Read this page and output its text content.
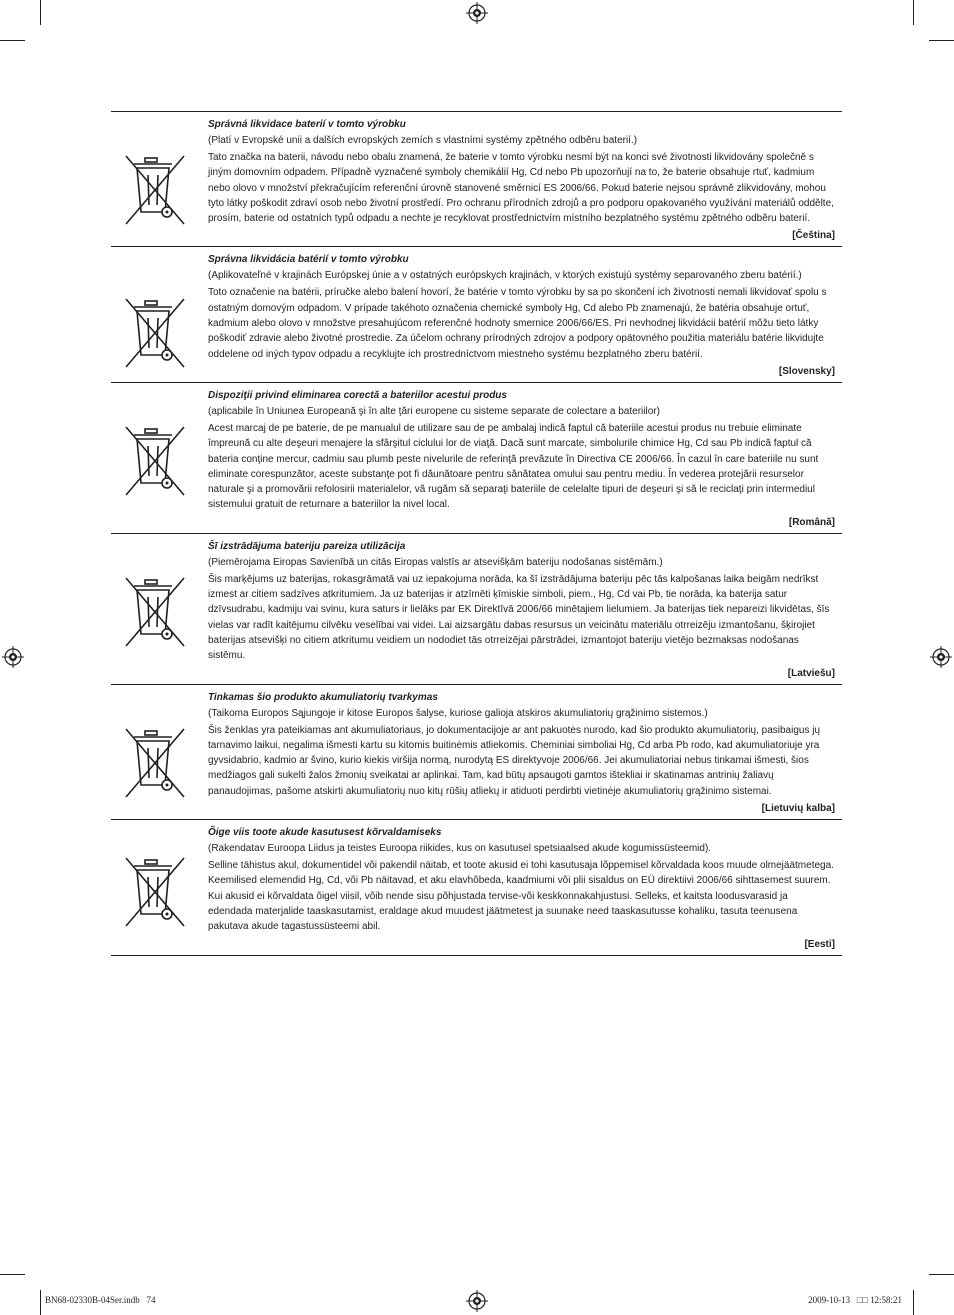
Správná likvidace baterií v tomto výrobku

(Platí v Evropské unii a dalších evropských zemích s vlastními systémy zpětného odběru baterií.)

Tato značka na baterii, návodu nebo obalu znamená, že baterie v tomto výrobku nesmí být na konci své životnosti likvidovány společně s jiným domovním odpadem. Případně vyznačené symboly chemikálií Hg, Cd nebo Pb upozorňují na to, že baterie obsahuje rtuť, kadmium nebo olovo v množství překračujícím referenční úrovně stanovené směrnicí ES 2006/66. Pokud baterie nejsou správně zlikvidovány, mohou tyto látky poškodit zdraví osob nebo životní prostředí. Pro ochranu přírodních zdrojů a pro podporu opakovaného využívání materiálů oddělte, prosím, baterie od ostatních typů odpadu a nechte je recyklovat prostřednictvím místního bezplatného systému zpětného odběru baterií.

[Čeština]

Správna likvidácia batérií v tomto výrobku

(Aplikovateľné v krajinách Európskej únie a v ostatných európskych krajinách, v ktorých existujú systémy separovaného zberu batérií.)

Toto označenie na batérii, príručke alebo balení hovorí, že batérie v tomto výrobku by sa po skončení ich životnosti nemali likvidovať spolu s ostatným domovým odpadom. V prípade takéhoto označenia chemické symboly Hg, Cd alebo Pb znamenajú, že batéria obsahuje ortuť, kadmium alebo olovo v množstve presahujúcom referenčné hodnoty smernice 2006/66/ES. Pri nevhodnej likvidácii batérií môžu tieto látky poškodiť zdravie alebo životné prostredie. Za účelom ochrany prírodných zdrojov a podpory opätovného použitia materiálu batérie likvidujte oddelene od iných typov odpadu a recyklujte ich prostredníctvom miestneho systému bezplatného zberu batérií.

[Slovensky]

Dispoziţii privind eliminarea corectă a bateriilor acestui produs

(aplicabile în Uniunea Europeană şi în alte ţări europene cu sisteme separate de colectare a bateriilor)

Acest marcaj de pe baterie, de pe manualul de utilizare sau de pe ambalaj indică faptul că bateriile acestui produs nu trebuie eliminate împreună cu alte deşeuri menajere la sfârşitul ciclului lor de viaţă. Dacă sunt marcate, simbolurile chimice Hg, Cd sau Pb indică faptul că bateria conţine mercur, cadmiu sau plumb peste nivelurile de referinţă prevăzute în Directiva CE 2006/66. În cazul în care bateriile nu sunt eliminate corespunzător, aceste substanţe pot fi dăunătoare pentru sănătatea omului sau pentru mediu. În vederea protejării resurselor naturale şi a promovării refolosirii materialelor, vă rugăm să separaţi bateriile de celelalte tipuri de deşeuri şi să le reciclaţi prin intermediul sistemului gratuit de returnare a bateriilor la nivel local.

[Română]

Šī izstrādājuma bateriju pareiza utilizācija

(Piemērojama Eiropas Savienībā un citās Eiropas valstīs ar atsevišķām bateriju nodošanas sistēmām.)

Šis marķējums uz baterijas, rokasgrāmatā vai uz iepakojuma norāda, ka šī izstrādājuma bateriju pēc tās kalpošanas laika beigām nedrīkst izmest ar citiem sadzīves atkritumiem. Ja uz baterijas ir atzīmēti ķīmiskie simboli, piem., Hg, Cd vai Pb, tie norāda, ka baterija satur dzīvsudrabu, kadmiju vai svinu, kura saturs ir lielāks par EK Direktīvā 2006/66 minētajiem lielumiem. Ja baterijas tiek nepareizi likvidētas, šīs vielas var radīt kaitējumu cilvēku veselībai vai videi. Lai aizsargātu dabas resursus un veicinātu materiālu otrreizēju izmantošanu, šķirojiet baterijas atsevišķi no citiem atkritumu veidiem un nododiet tās otrreizējai pārstrādei, izmantojot bateriju vietējo bezmaksas nodošanas sistēmu.

[Latviešu]

Tinkamas šio produkto akumuliatorių tvarkymas

(Taikoma Europos Sąjungoje ir kitose Europos šalyse, kuriose galioja atskiros akumuliatorių grąžinimo sistemos.)

Šis ženklas yra pateikiamas ant akumuliatoriaus, jo dokumentacijoje ar ant pakuotės nurodo, kad šio produkto akumuliatorių, pasibaigus jų tarnavimo laikui, negalima išmesti kartu su kitomis buitinėmis atliekomis. Cheminiai simboliai Hg, Cd arba Pb rodo, kad akumuliatoriuje yra gyvsidabrio, kadmio ar švino, kurio kiekis viršija normą, nurodytą ES direktyvoje 2006/66. Jei akumuliatoriai nebus tinkamai išmesti, šios medžiagos gali sukelti žalos žmonių sveikatai ar aplinkai. Tam, kad būtų apsaugoti gamtos ištekliai ir skatinamas antrinių žaliavų panaudojimas, pašome atskirti akumuliatorių nuo kitų rūšių atliekų ir atiduoti perdirbti vietinėje akumuliatorių grąžinimo sistemai.

[Lietuvių kalba]

Õige viis toote akude kasutusest kõrvaldamiseks

(Rakendatav Euroopa Liidus ja teistes Euroopa riikides, kus on kasutusel spetsiaalsed akude kogumissüsteemid).

Selline tähistus akul, dokumentidel või pakendil näitab, et toote akusid ei tohi kasutusaja lõppemisel kõrvaldada koos muude olmejäätmetega. Keemilised elemendid Hg, Cd, või Pb näitavad, et aku elavhõbeda, kaadmiumi või plii sisaldus on EÜ direktiivi 2006/66 sihttasemest suurem. Kui akusid ei kõrvaldata õigel viisil, võib nende sisu põhjustada tervise-või keskkonnakahjustusi. Selleks, et kaitsta loodusvarasid ja edendada materjalide taaskasutamist, eraldage akud muudest jäätmetest ja suunake need taaskasutusse kohaliku, tasuta teenusena pakutava akude tagastussüsteemi abil.

[Eesti]

BN68-02330B-04Ser.indb   74	2009-10-13   □□ 12:58:21
